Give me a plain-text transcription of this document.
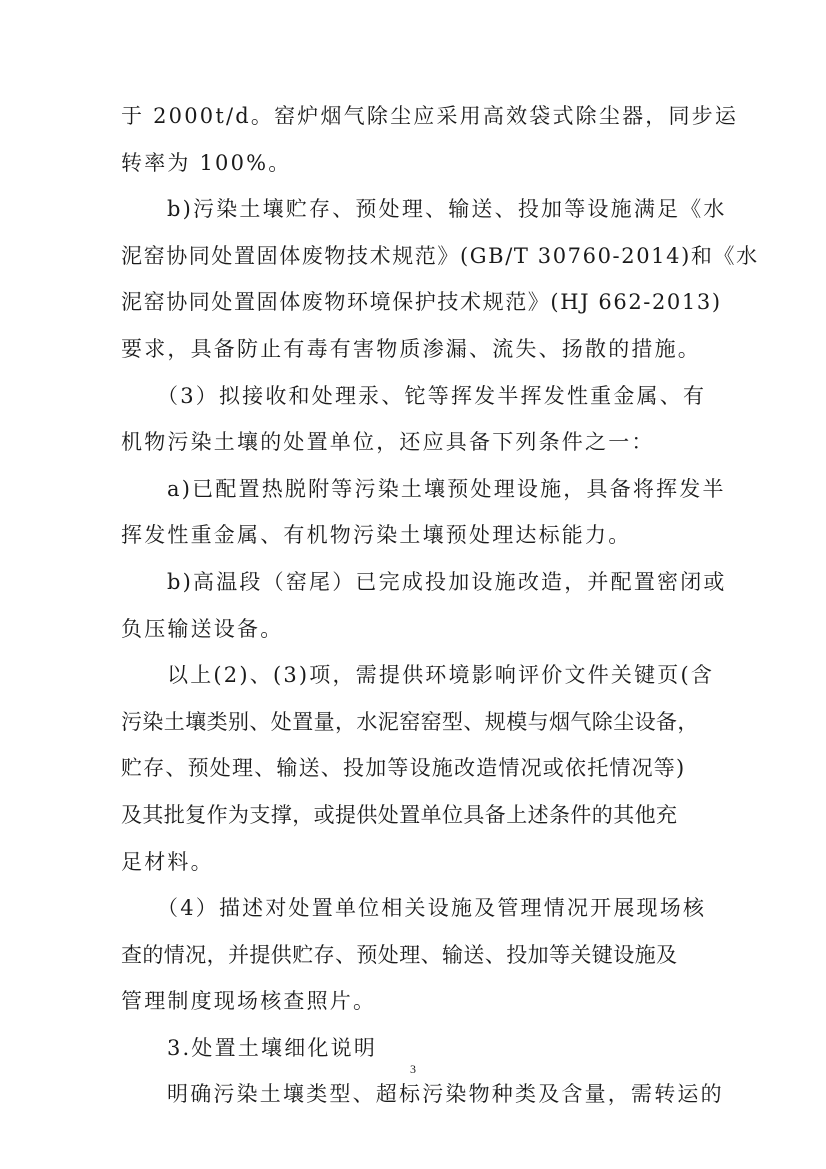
于 2000t/d。窑炉烟气除尘应采用高效袋式除尘器，同步运
转率为 100%。
b)污染土壤贮存、预处理、输送、投加等设施满足《水
泥窑协同处置固体废物技术规范》(GB/T 30760-2014)和《水
泥窑协同处置固体废物环境保护技术规范》(HJ 662-2013)
要求，具备防止有毒有害物质渗漏、流失、扬散的措施。
（3）拟接收和处理汞、铊等挥发半挥发性重金属、有
机物污染土壤的处置单位，还应具备下列条件之一：
a)已配置热脱附等污染土壤预处理设施，具备将挥发半
挥发性重金属、有机物污染土壤预处理达标能力。
b)高温段（窑尾）已完成投加设施改造，并配置密闭或
负压输送设备。
以上(2)、(3)项，需提供环境影响评价文件关键页(含
污染土壤类别、处置量，水泥窑窑型、规模与烟气除尘设备，
贮存、预处理、输送、投加等设施改造情况或依托情况等)
及其批复作为支撑，或提供处置单位具备上述条件的其他充
足材料。
（4）描述对处置单位相关设施及管理情况开展现场核
查的情况，并提供贮存、预处理、输送、投加等关键设施及
管理制度现场核查照片。
3.处置土壤细化说明
明确污染土壤类型、超标污染物种类及含量，需转运的
3
